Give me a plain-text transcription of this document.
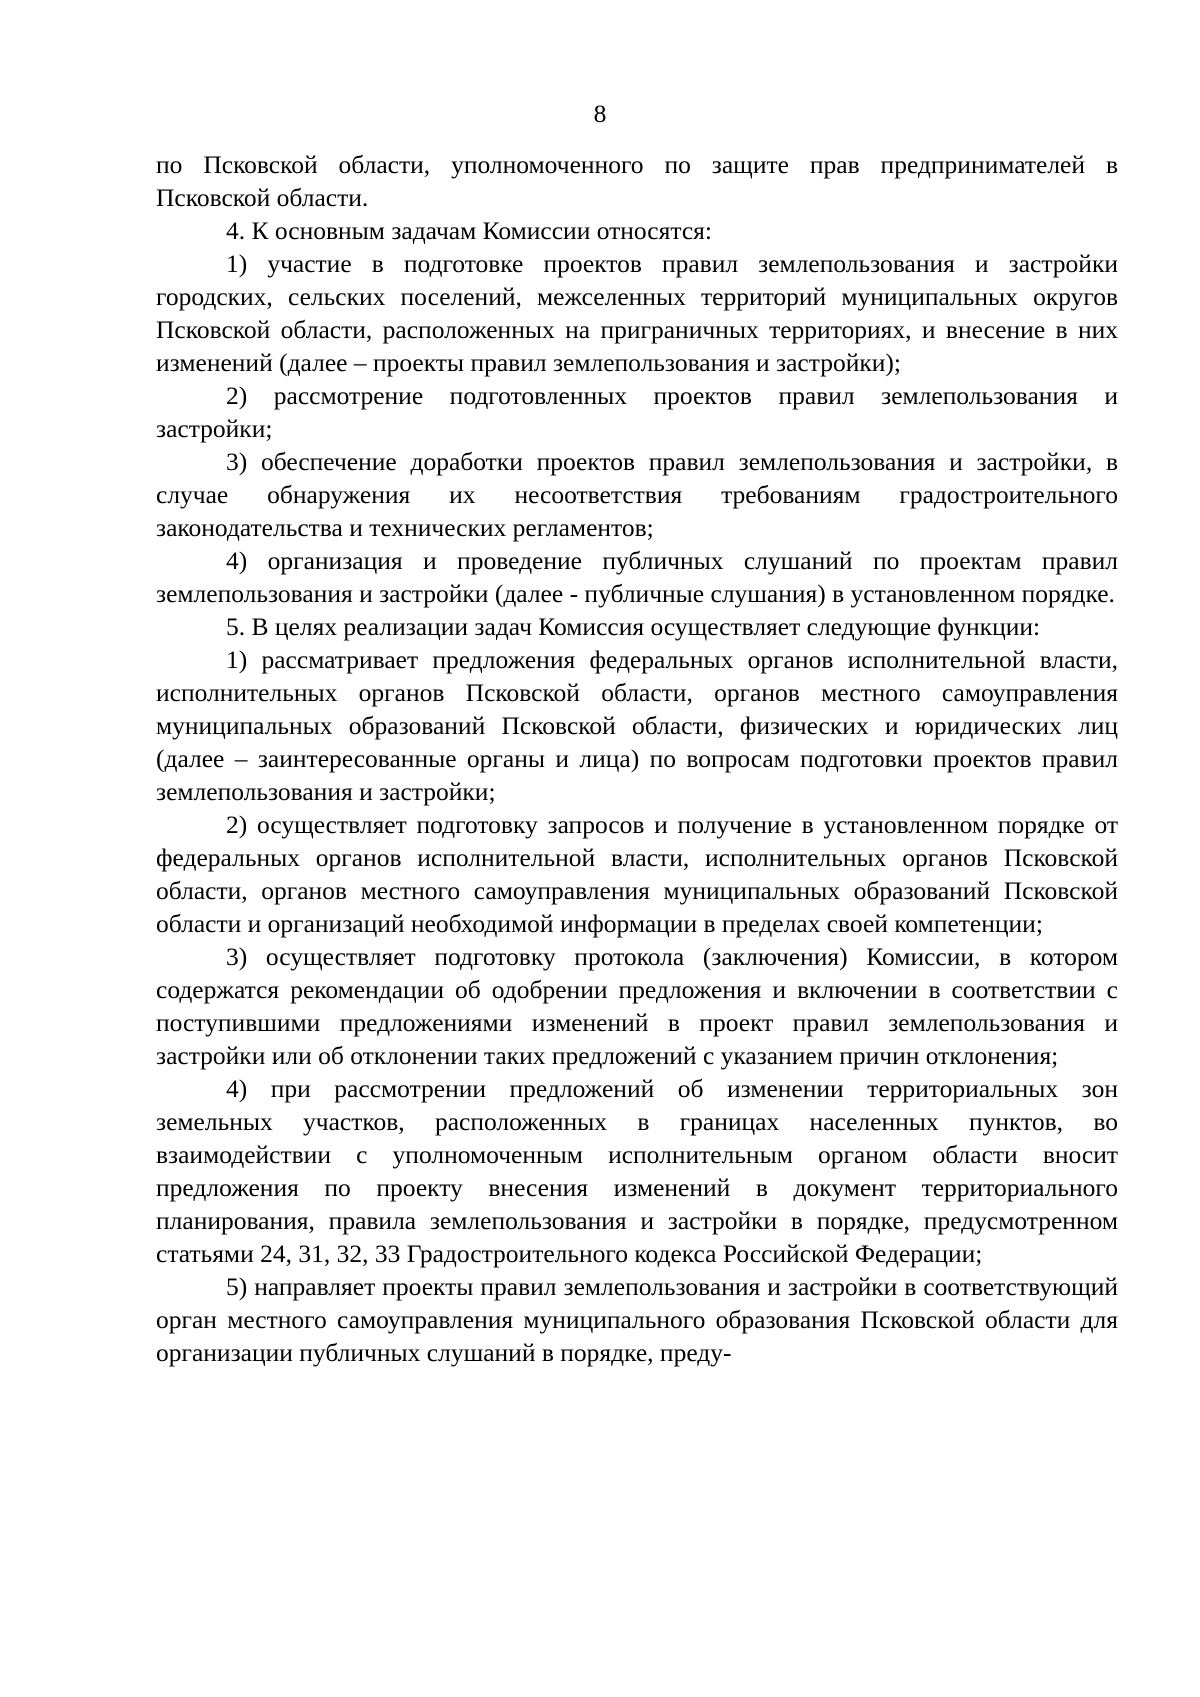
8

по Псковской области, уполномоченного по защите прав предпринимателей в Псковской области.

4. К основным задачам Комиссии относятся:

1) участие в подготовке проектов правил землепользования и застройки городских, сельских поселений, межселенных территорий муниципальных округов Псковской области, расположенных на приграничных территориях, и внесение в них изменений (далее – проекты правил землепользования и застройки);

2) рассмотрение подготовленных проектов правил землепользования и застройки;

3) обеспечение доработки проектов правил землепользования и застройки, в случае обнаружения их несоответствия требованиям градостроительного законодательства и технических регламентов;

4) организация и проведение публичных слушаний по проектам правил землепользования и застройки (далее - публичные слушания) в установленном порядке.

5. В целях реализации задач Комиссия осуществляет следующие функции:

1) рассматривает предложения федеральных органов исполнительной власти, исполнительных органов Псковской области, органов местного самоуправления муниципальных образований Псковской области, физических и юридических лиц (далее – заинтересованные органы и лица) по вопросам подготовки проектов правил землепользования и застройки;

2) осуществляет подготовку запросов и получение в установленном порядке от федеральных органов исполнительной власти, исполнительных органов Псковской области, органов местного самоуправления муниципальных образований Псковской области и организаций необходимой информации в пределах своей компетенции;

3) осуществляет подготовку протокола (заключения) Комиссии, в котором содержатся рекомендации об одобрении предложения и включении в соответствии с поступившими предложениями изменений в проект правил землепользования и застройки или об отклонении таких предложений с указанием причин отклонения;

4) при рассмотрении предложений об изменении территориальных зон земельных участков, расположенных в границах населенных пунктов, во взаимодействии с уполномоченным исполнительным органом области вносит предложения по проекту внесения изменений в документ территориального планирования, правила землепользования и застройки в порядке, предусмотренном статьями 24, 31, 32, 33 Градостроительного кодекса Российской Федерации;

5) направляет проекты правил землепользования и застройки в соответствующий орган местного самоуправления муниципального образования Псковской области для организации публичных слушаний в порядке, преду-
